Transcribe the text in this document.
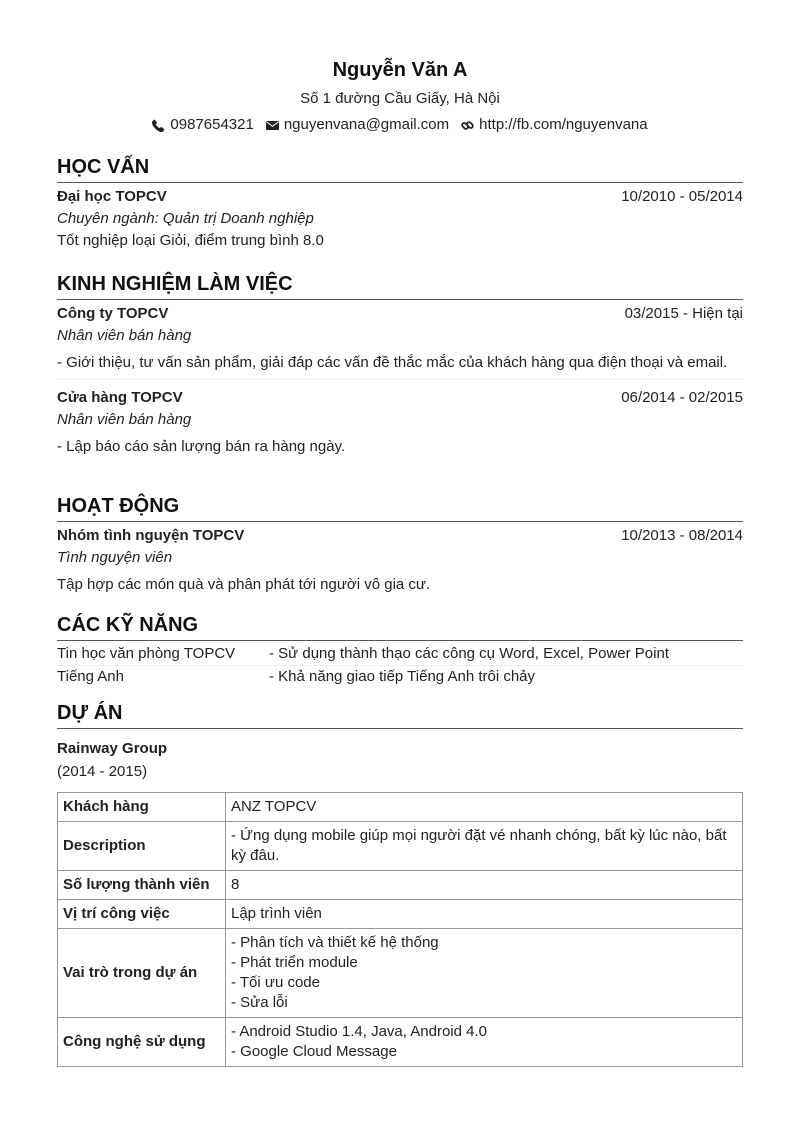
Nguyễn Văn A
Số 1 đường Cầu Giấy, Hà Nội
0987654321 nguyenvana@gmail.com http://fb.com/nguyenvana
HỌC VẤN
Đại học TOPCV	10/2010 - 05/2014
Chuyên ngành: Quản trị Doanh nghiệp
Tốt nghiệp loại Giỏi, điểm trung bình 8.0
KINH NGHIỆM LÀM VIỆC
Công ty TOPCV	03/2015 - Hiện tại
Nhân viên bán hàng
- Giới thiệu, tư vấn sản phẩm, giải đáp các vấn đề thắc mắc của khách hàng qua điện thoại và email.
Cửa hàng TOPCV	06/2014 - 02/2015
Nhân viên bán hàng
- Lập báo cáo sản lượng bán ra hàng ngày.
HOẠT ĐỘNG
Nhóm tình nguyện TOPCV	10/2013 - 08/2014
Tình nguyện viên
Tập hợp các món quà và phân phát tới người vô gia cư.
CÁC KỸ NĂNG
Tin học văn phòng TOPCV	- Sử dụng thành thạo các công cụ Word, Excel, Power Point
Tiếng Anh	- Khả năng giao tiếp Tiếng Anh trôi chảy
DỰ ÁN
Rainway Group
(2014 - 2015)
Khách hàng	ANZ TOPCV
Description	- Ứng dụng mobile giúp mọi người đặt vé nhanh chóng, bất kỳ lúc nào, bất kỳ đâu.
Số lượng thành viên	8
Vị trí công việc	Lập trình viên
Vai trò trong dự án	- Phân tích và thiết kế hệ thống
- Phát triển module
- Tối ưu code
- Sửa lỗi

Công nghệ sử dụng	- Android Studio 1.4, Java, Android 4.0
- Google Cloud Message
